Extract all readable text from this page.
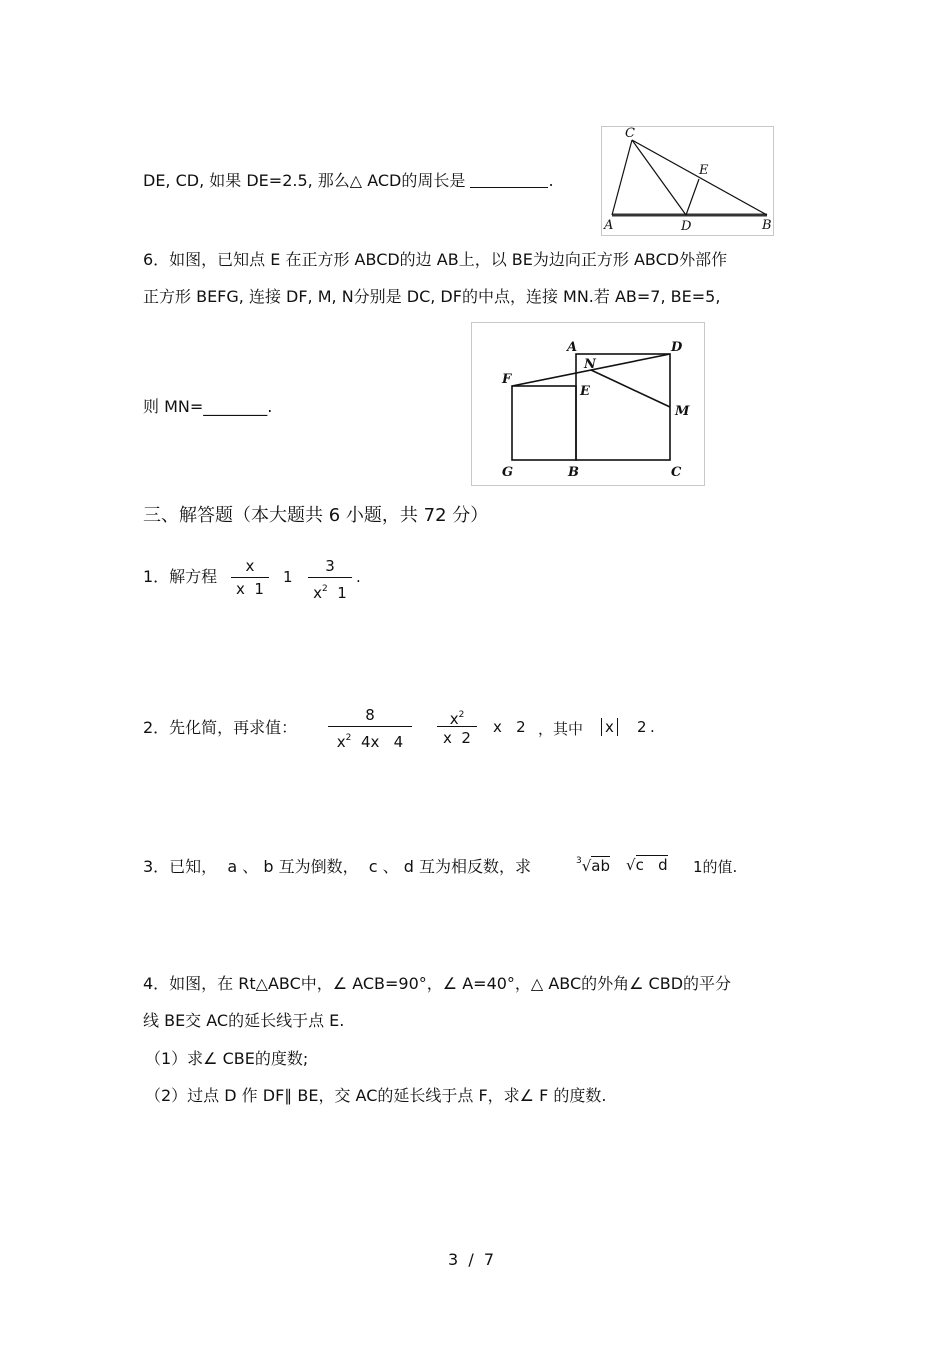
DE, CD, 如果 DE=2.5, 那么△ ACD的周长是	.
C
E
A	D	B
6．如图，已知点 E 在正方形 ABCD的边 AB上，以 BE为边向正方形 ABCD外部作
正方形 BEFG, 连接 DF, M, N分别是 DC, DF的中点，连接 MN.若 AB=7, BE=5,
则 MN=________.
A	D
N
F
E
M
G	B	C
三、解答题（本大题共 6 小题，共 72 分）
1．解方程
x
x  1
1
3
$x^2$  1
.
2．先化简，再求值：
8
$x^2$  4x   4
$x^2$
x  2
x   2 ，其中 x 2 .
3．已知，  a 、 b 互为倒数，  c 、 d 互为相反数，求	$^3$√ab √c   d 1的值.
4．如图，在 Rt△ABC中，∠ ACB=90°，∠ A=40°，△ ABC的外角∠ CBD的平分
线 BE交 AC的延长线于点 E.
（1）求∠ CBE的度数;
（2）过点 D 作 DF∥ BE，交 AC的延长线于点 F，求∠ F 的度数.
3  /  7
